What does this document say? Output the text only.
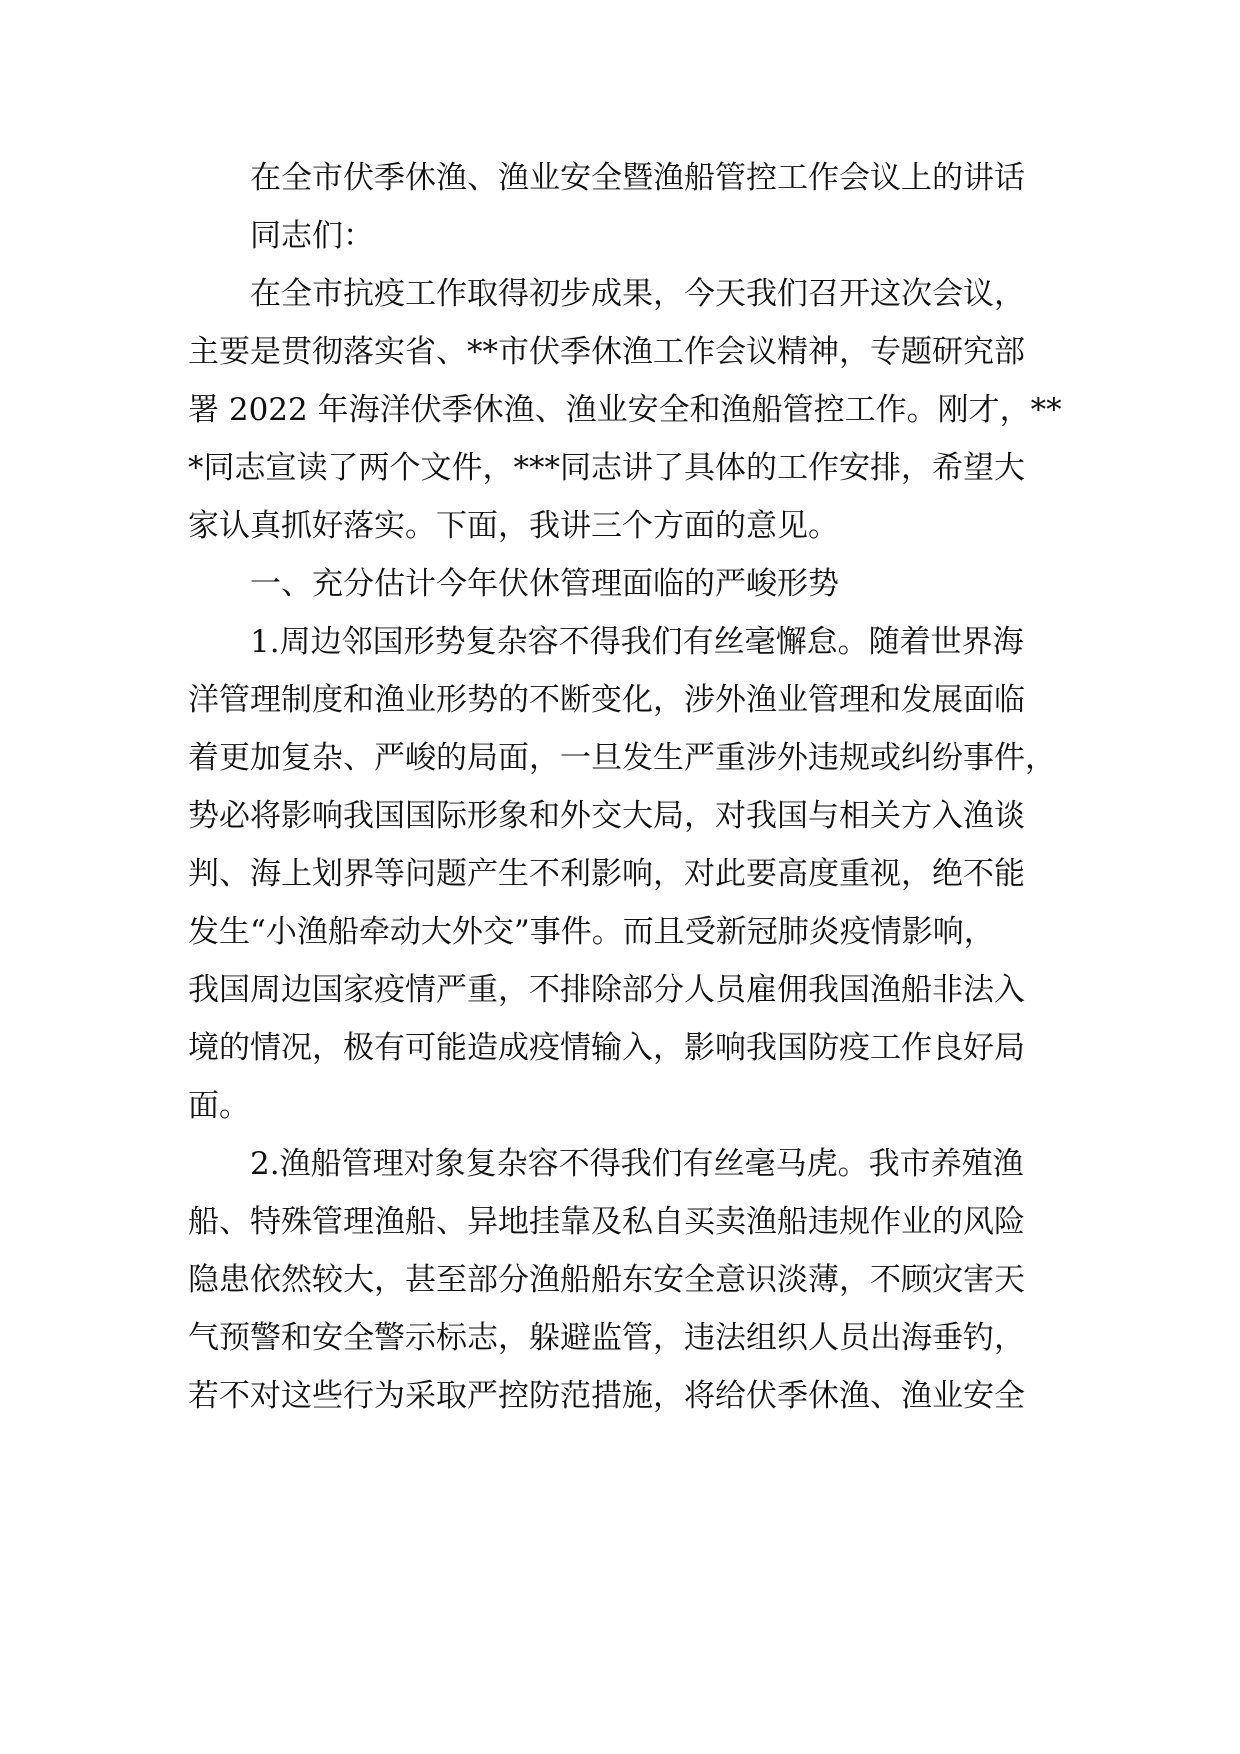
在全市伏季休渔、渔业安全暨渔船管控工作会议上的讲话
同志们：
在全市抗疫工作取得初步成果，今天我们召开这次会议，
主要是贯彻落实省、**市伏季休渔工作会议精神，专题研究部
署 2022 年海洋伏季休渔、渔业安全和渔船管控工作。刚才，**
*同志宣读了两个文件，***同志讲了具体的工作安排，希望大
家认真抓好落实。下面，我讲三个方面的意见。
一、充分估计今年伏休管理面临的严峻形势
1.周边邻国形势复杂容不得我们有丝毫懈怠。随着世界海
洋管理制度和渔业形势的不断变化，涉外渔业管理和发展面临
着更加复杂、严峻的局面，一旦发生严重涉外违规或纠纷事件，
势必将影响我国国际形象和外交大局，对我国与相关方入渔谈
判、海上划界等问题产生不利影响，对此要高度重视，绝不能
发生“小渔船牵动大外交”事件。而且受新冠肺炎疫情影响，
我国周边国家疫情严重，不排除部分人员雇佣我国渔船非法入
境的情况，极有可能造成疫情输入，影响我国防疫工作良好局
面。
2.渔船管理对象复杂容不得我们有丝毫马虎。我市养殖渔
船、特殊管理渔船、异地挂靠及私自买卖渔船违规作业的风险
隐患依然较大，甚至部分渔船船东安全意识淡薄，不顾灾害天
气预警和安全警示标志，躲避监管，违法组织人员出海垂钓，
若不对这些行为采取严控防范措施，将给伏季休渔、渔业安全
